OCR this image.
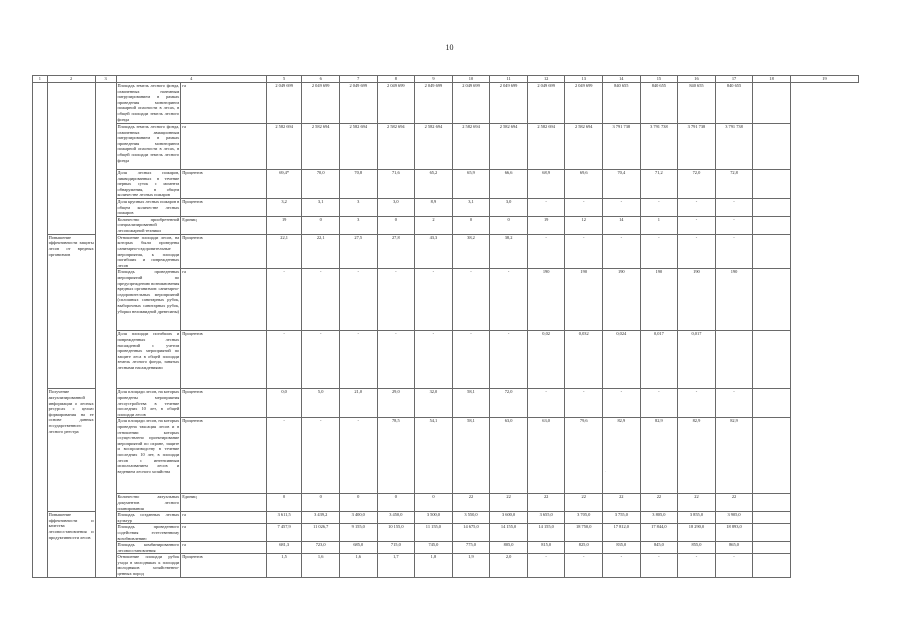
10
1	2	3	4		5	6	7	8	9	10	11	12	13	14	15	16	17	18	19
			Площадь земель лесного фонда, охваченных наземным патрулированием в рамках проведения мониторинга пожарной опасности в лесах, в общей площади земель лесного фонда	га	2 049 699	2 049 699	2 049 699	2 049 699	2 049 699	2 049 699	2 049 699	2 049 699	2 049 699	840 655	840 655	840 655	840 655		
			Площадь земель лесного фонда, охваченных авиационным патрулированием в рамках проведения мониторинга пожарной опасности в лесах, в общей площади земель лесного фонда	га	2 582 694	2 582 694	2 582 694	2 582 694	2 582 694	2 582 694	2 582 694	2 582 694	2 582 694	3 791 738	3 791 738	3 791 738	3 791 738		
			Доля лесных пожаров, ликвидированных в течение первых суток с момента обнаружения, в общем количестве лесных пожаров	Процентов	69,4*	70,0	70,8	71,6	65,2	65,9	66,6	68,9	69,6	70,4	71,2	72,0	72,8		
			Доля крупных лесных пожаров в общем количестве лесных пожаров	Процентов	3,2	3,1	3	3,0	8,9	3,1	3,0	-	-	-	-	-	-		
			Количество приобретенной специализированной лесопожарной техники	Единиц	19	0	3	0	2	0	0	19	12	14	1	-	-		
	Повышение эффективности защиты лесов от вредных организмов		Отношение площади лесов, на которых были проведены санитарно-оздоровительные мероприятия, к площади погибших и поврежденных лесов	Процентов	22,1	22,1	27,5	27,8	43,3	38,2	38,2	-	-	-	-	-	-		
			Площадь проведенных мероприятий по предупреждению возникновения вредных организмов: санитарно-оздоровительных мероприятий (сплошных санитарных рубок, выборочных санитарных рубок, уборки неликвидной древесины)	га	-	-	-	-	-	-	-	190	190	190	190	190	190		
			Доля площади погибших и поврежденных лесных насаждений с учетом проведенных мероприятий по защите леса в общей площади земель лесного фонда, занятых лесными насаждениями	Процентов	-	-	-	-	-	-	-	0,02	0,032	0,024	0,017	0,017			
	Получение актуализированной информации о лесных ресурсах с целью формирования на ее основе данных государственного лесного реестра		Доля площади лесов, на которых проведены мероприятия лесоустройства в течение последних 10 лет, в общей площади лесов	Процентов	0,0	5,0	21,0	29,0	32,0	58,1	72,0	-	-	-	-	-	-		
			Доля площади лесов, на которых проведена таксация лесов и в отношении которых осуществлено проектирование мероприятий по охране, защите и воспроизводству в течение последних 10 лет, в площади лесов с интенсивным использованием лесов и ведением лесного хозяйства	Процентов	-	-	-	78,5	54,1	58,1	63,0	63,0	79,6	82,9	82,9	82,9	82,9		
			Количество актуальных документов лесного планирования	Единиц	0	0	0	0	0	22	22	22	22	22	22	22	22		
	Повышение эффективности и качества лесовосстановления и продуктивности лесов		Площадь созданных лесных культур	га	3 611,5	3 439,2	3 400,0	3 450,0	3 500,0	3 550,0	3 600,0	3 655,0	3 705,0	3 755,0	3 805,0	3 855,0	3 905,0		
			Площадь проведенного содействия естественному возобновлению	га	7 457,9	11 026,7	9 155,0	10 155,0	11 155,0	14 675,0	14 155,0	14 155,0	18 750,0	17 812,0	17 844,0	18 290,0	18 893,0		
			Площадь комбинированного лесовосстановления	га	681,3	723,0	685,0	715,0	745,0	775,0	805,0	815,0	825,0	835,0	845,0	855,0	865,0		
			Отношение площади рубок ухода в молодняках к площади молодняков хозяйственно-ценных пород	Процентов	1,5	1,6	1,6	1,7	1,8	1,9	2,0	-	-	-	-	-	-		
.
